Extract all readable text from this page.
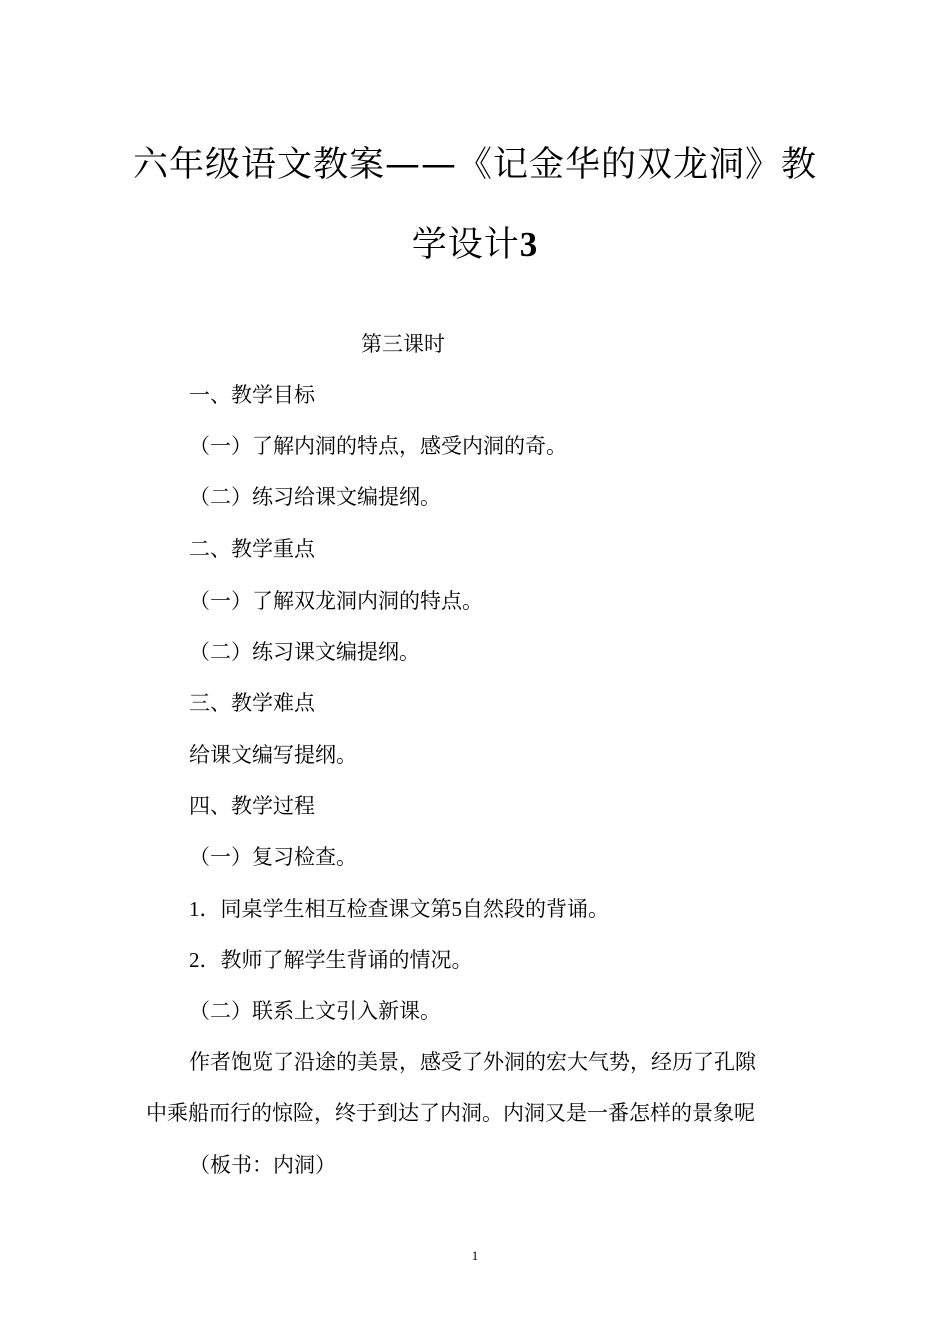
六年级语文教案——《记金华的双龙洞》教
学设计3
第三课时
一、教学目标
（一）了解内洞的特点，感受内洞的奇。
（二）练习给课文编提纲。
二、教学重点
（一）了解双龙洞内洞的特点。
（二）练习课文编提纲。
三、教学难点
给课文编写提纲。
四、教学过程
（一）复习检查。
1．同桌学生相互检查课文第5自然段的背诵。
2．教师了解学生背诵的情况。
（二）联系上文引入新课。
作者饱览了沿途的美景，感受了外洞的宏大气势，经历了孔隙
中乘船而行的惊险，终于到达了内洞。内洞又是一番怎样的景象呢
（板书：内洞）
1
